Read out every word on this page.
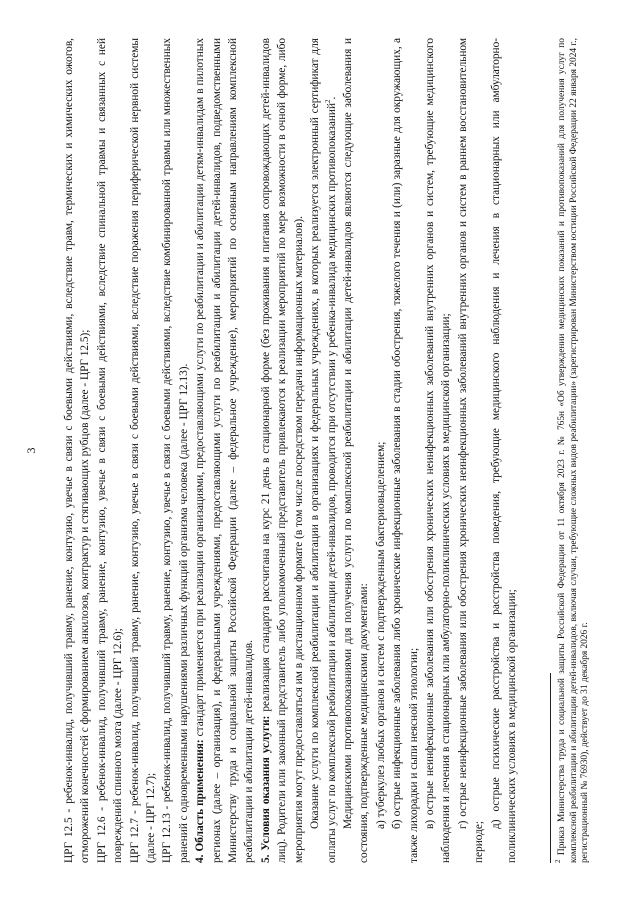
3 ЦРГ 12.5 - ребенок-инвалид, получивший травму, ранение, контузию, увечье в связи с боевыми действиями, вследствие травм, термических и химических ожогов, отморожений конечностей с формированием анкилозов, контрактур и стягивающих рубцов (далее - ЦРГ 12.5); ЦРГ 12.6 - ребенок-инвалид, получивший травму, ранение, контузию, увечье в связи с боевыми действиями, вследствие спинальной травмы и связанных с ней повреждений спинного мозга (далее - ЦРГ 12.6); ЦРГ 12.7 - ребенок-инвалид, получивший травму, ранение, контузию, увечье в связи с боевыми действиями, вследствие поражения периферической нервной системы (далее - ЦРГ 12.7); ЦРГ 12.13 - ребенок-инвалид, получивший травму, ранение, контузию, увечье в связи с боевыми действиями, вследствие комбинированной травмы или множественных ранений с одновременными нарушениями различных функций организма человека (далее - ЦРГ 12.13). 4. Область применения: стандарт применяется при реализации организациями, предоставляющими услуги по реабилитации и абилитации детям-инвалидам в пилотных регионах (далее – организация), и федеральными учреждениями, предоставляющими услуги по реабилитации и абилитации детей-инвалидов, подведомственными Министерству труда и социальной защиты Российской Федерации (далее – федеральное учреждение), мероприятий по основным направлениям комплексной реабилитации и абилитации детей-инвалидов. 5. Условия оказания услуги: реализация стандарта рассчитана на курс 21 день в стационарной форме (без проживания и питания сопровождающих детей-инвалидов лиц). Родители или законный представитель либо уполномоченный представитель привлекаются к реализации мероприятий по мере возможности в очной форме, либо мероприятия могут предоставляться им в дистанционном формате (в том числе посредством передачи информационных материалов). Оказание услуги по комплексной реабилитации и абилитации в организациях и федеральных учреждениях, в которых реализуется электронный сертификат для оплаты услуг по комплексной реабилитации и абилитации детей-инвалидов, проводится при отсутствии у ребенка-инвалида медицинских противопоказаний$^2$. Медицинскими противопоказаниями для получения услуги по комплексной реабилитации и абилитации детей-инвалидов являются следующие заболевания и состояния, подтвержденные медицинскими документами: а) туберкулез любых органов и систем с подтвержденным бактериовыделением; б) острые инфекционные заболевания либо хронические инфекционные заболевания в стадии обострения, тяжелого течения и (или) заразные для окружающих, а также лихорадки и сыпи неясной этиологии; в) острые неинфекционные заболевания или обострения хронических неинфекционных заболеваний внутренних органов и систем, требующие медицинского наблюдения и лечения в стационарных или амбулаторно-поликлинических условиях в медицинской организации; г) острые неинфекционные заболевания или обострения хронических неинфекционных заболеваний внутренних органов и систем в раннем восстановительном периоде;

д) острые психические расстройства и расстройства поведения, требующие медицинского наблюдения и лечения в стационарных или амбулаторно-поликлинических условиях в медицинской организации;	$^2$ Приказ Министерства труда и социальной защиты Российской Федерации от 11 октября 2023 г. № 765н «Об утверждении медицинских показаний и противопоказаний для получения услуг по комплексной реабилитации и абилитации детей-инвалидов, включая случаи, требующие сложных видов реабилитации» (зарегистрирован Министерством юстиции Российской Федерации 22 января 2024 г., регистрационный № 76930), действует до 31 декабря 2026 г.
